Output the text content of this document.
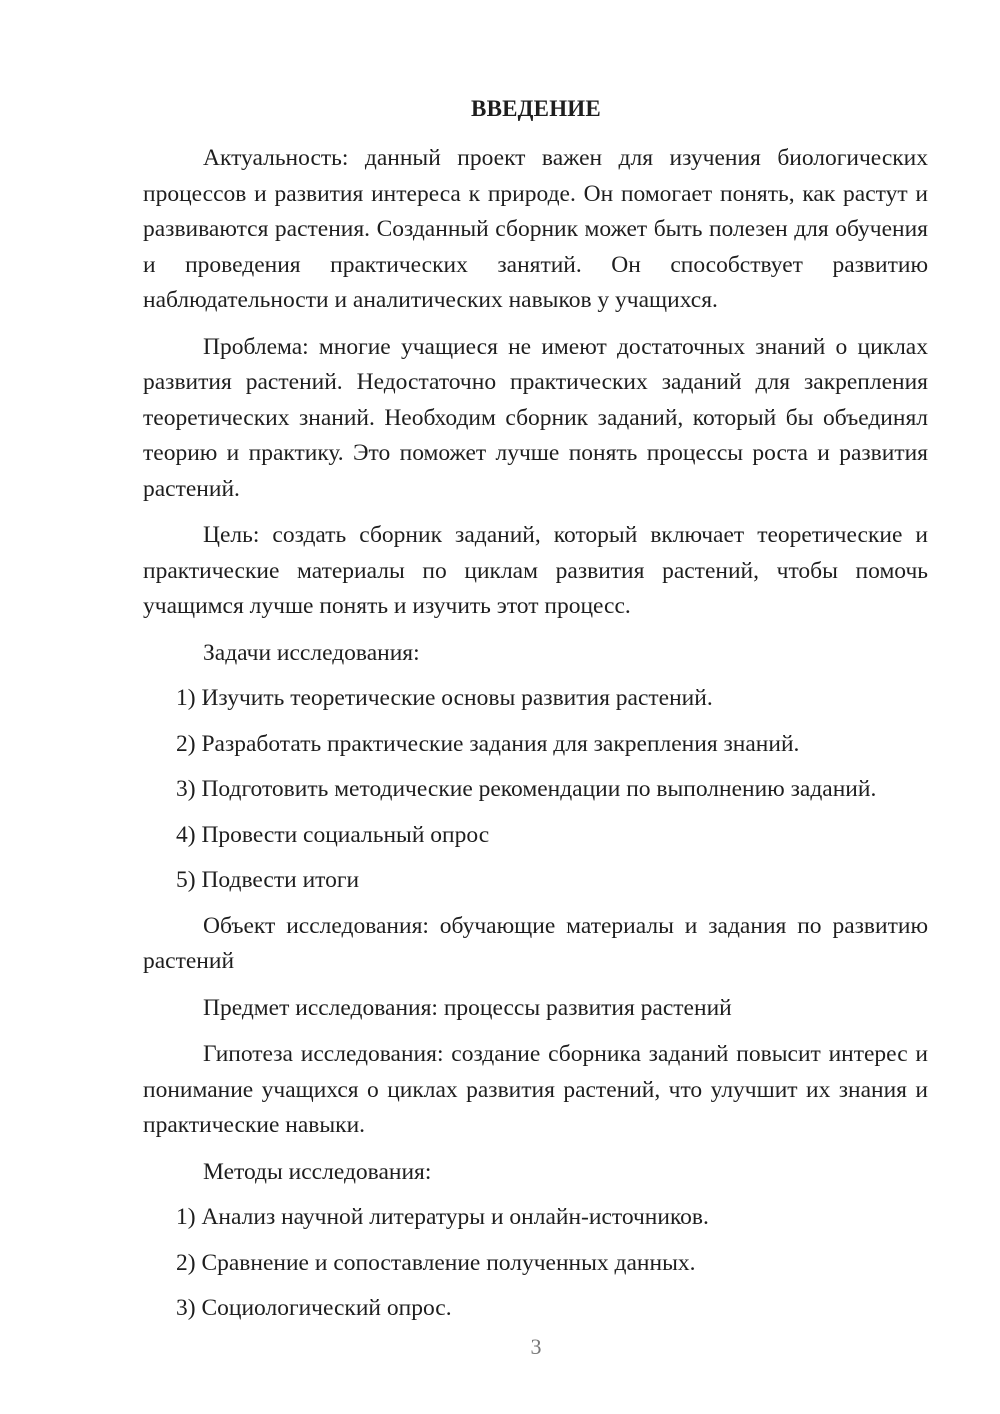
ВВЕДЕНИЕ

Актуальность: данный проект важен для изучения биологических процессов и развития интереса к природе. Он помогает понять, как растут и развиваются растения. Созданный сборник может быть полезен для обучения и проведения практических занятий. Он способствует развитию наблюдательности и аналитических навыков у учащихся.

Проблема: многие учащиеся не имеют достаточных знаний о циклах развития растений. Недостаточно практических заданий для закрепления теоретических знаний. Необходим сборник заданий, который бы объединял теорию и практику. Это поможет лучше понять процессы роста и развития растений.

Цель: создать сборник заданий, который включает теоретические и практические материалы по циклам развития растений, чтобы помочь учащимся лучше понять и изучить этот процесс.

Задачи исследования:

1) Изучить теоретические основы развития растений.

2) Разработать практические задания для закрепления знаний.

3) Подготовить методические рекомендации по выполнению заданий.

4) Провести социальный опрос

5) Подвести итоги

Объект исследования: обучающие материалы и задания по развитию растений

Предмет исследования: процессы развития растений

Гипотеза исследования: создание сборника заданий повысит интерес и понимание учащихся о циклах развития растений, что улучшит их знания и практические навыки.

Методы исследования:

1) Анализ научной литературы и онлайн-источников.

2) Сравнение и сопоставление полученных данных.

3) Социологический опрос.

3
